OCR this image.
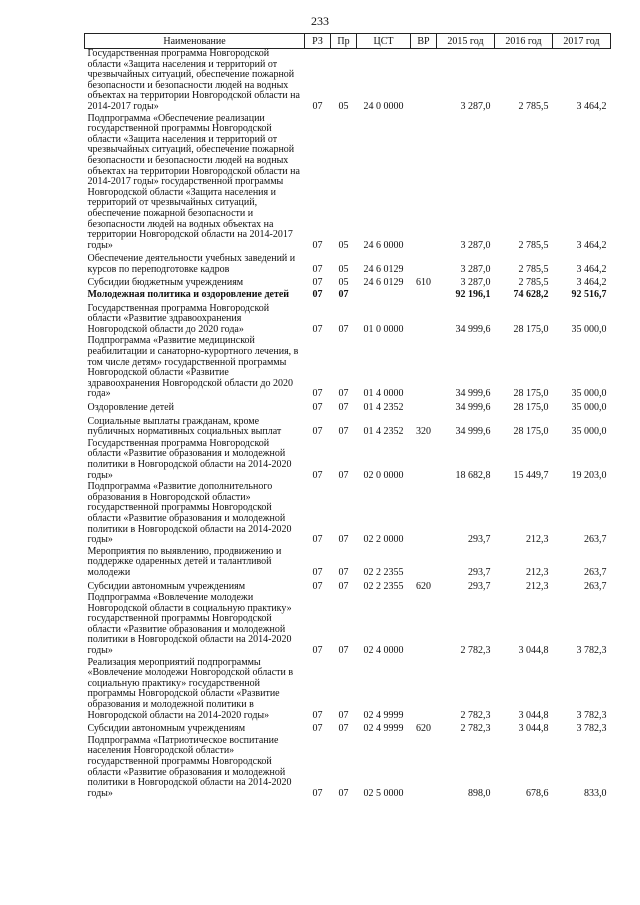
233
Наименование	РЗ	Пр	ЦСТ	ВР	2015 год	2016 год	2017 год
Государственная программа Новгородской области «Защита населения и территорий от чрезвычайных ситуаций, обеспечение пожарной безопасности и безопасности людей на водных объектах на территории Новгородской области на 2014-2017 годы»	07	05	24 0 0000		3 287,0	2 785,5	3 464,2
Подпрограмма «Обеспечение реализации государственной программы Новгородской области «Защита населения и территорий от чрезвычайных ситуаций, обеспечение пожарной безопасности и безопасности людей на водных объектах на территории Новгородской области на 2014-2017 годы» государственной программы Новгородской области «Защита населения и территорий от чрезвычайных ситуаций, обеспечение пожарной безопасности и безопасности людей на водных объектах на территории Новгородской области на 2014-2017 годы»	07	05	24 6 0000		3 287,0	2 785,5	3 464,2
Обеспечение деятельности учебных заведений и курсов по переподготовке кадров	07	05	24 6 0129		3 287,0	2 785,5	3 464,2
Субсидии бюджетным учреждениям	07	05	24 6 0129	610	3 287,0	2 785,5	3 464,2
Молодежная политика и оздоровление детей	07	07			92 196,1	74 628,2	92 516,7
Государственная программа Новгородской области «Развитие здравоохранения Новгородской области до 2020 года»	07	07	01 0 0000		34 999,6	28 175,0	35 000,0
Подпрограмма «Развитие медицинской реабилитации и санаторно-курортного лечения, в том числе детям» государственной программы Новгородской области «Развитие здравоохранения Новгородской области до 2020 года»	07	07	01 4 0000		34 999,6	28 175,0	35 000,0
Оздоровление детей	07	07	01 4 2352		34 999,6	28 175,0	35 000,0
Социальные выплаты гражданам, кроме публичных нормативных социальных выплат	07	07	01 4 2352	320	34 999,6	28 175,0	35 000,0
Государственная программа Новгородской области «Развитие образования и молодежной политики в Новгородской области на 2014-2020 годы»	07	07	02 0 0000		18 682,8	15 449,7	19 203,0
Подпрограмма «Развитие дополнительного образования в Новгородской области» государственной программы Новгородской области «Развитие образования и молодежной политики в Новгородской области на 2014-2020 годы»	07	07	02 2 0000		293,7	212,3	263,7
Мероприятия по выявлению, продвижению и поддержке одаренных детей и талантливой молодежи	07	07	02 2 2355		293,7	212,3	263,7
Субсидии автономным учреждениям	07	07	02 2 2355	620	293,7	212,3	263,7
Подпрограмма «Вовлечение молодежи Новгородской области в социальную практику» государственной программы Новгородской области «Развитие образования и молодежной политики в Новгородской области на 2014-2020 годы»	07	07	02 4 0000		2 782,3	3 044,8	3 782,3
Реализация мероприятий подпрограммы «Вовлечение молодежи Новгородской области в социальную практику» государственной программы Новгородской области «Развитие образования и молодежной политики в Новгородской области на 2014-2020 годы»	07	07	02 4 9999		2 782,3	3 044,8	3 782,3
Субсидии автономным учреждениям	07	07	02 4 9999	620	2 782,3	3 044,8	3 782,3
Подпрограмма «Патриотическое воспитание населения Новгородской области» государственной программы Новгородской области «Развитие образования и молодежной политики в Новгородской области на 2014-2020 годы»	07	07	02 5 0000		898,0	678,6	833,0
